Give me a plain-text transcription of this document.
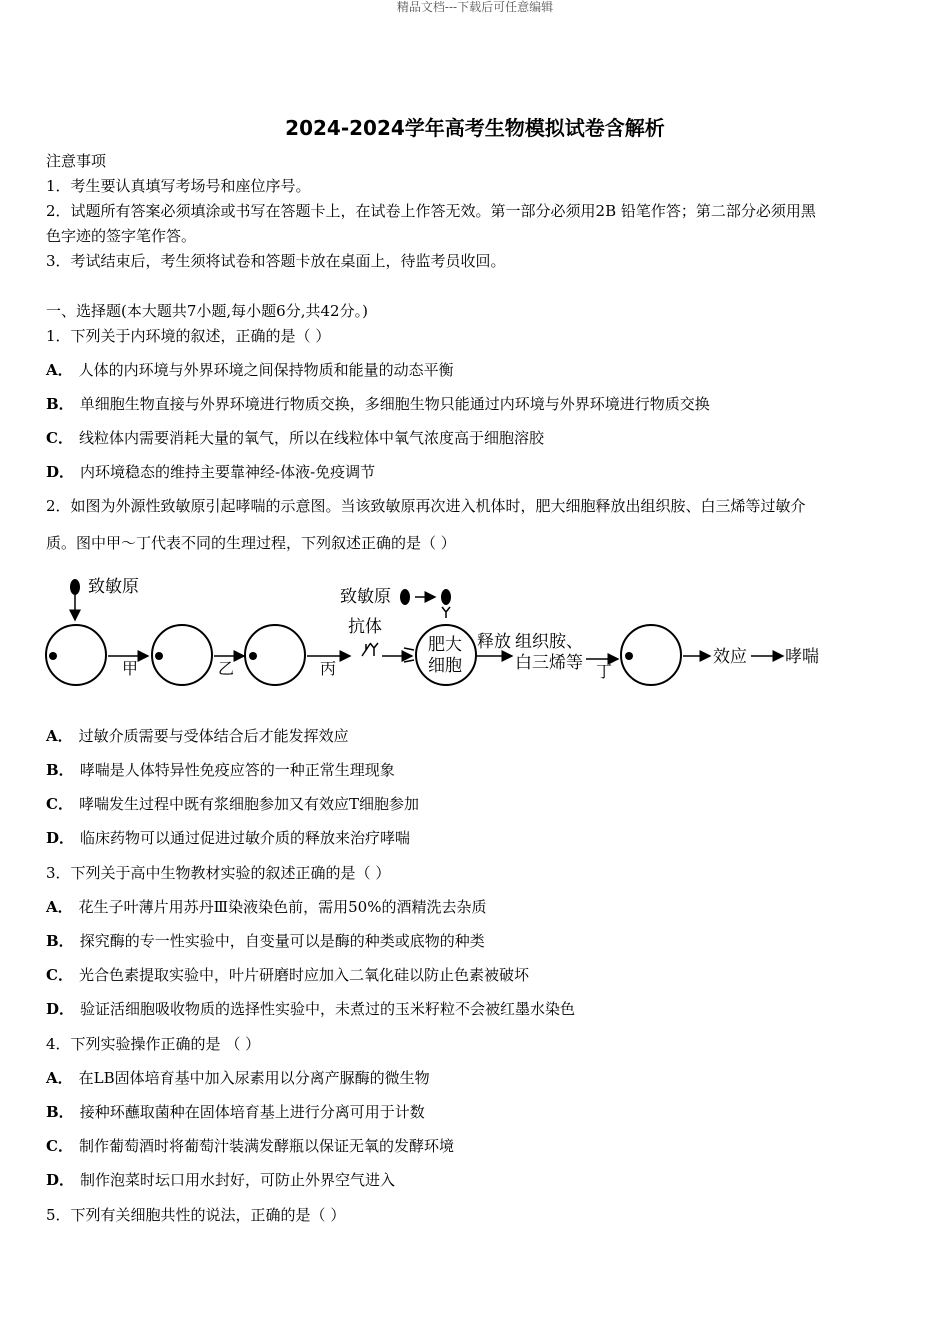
精品文档---下载后可任意编辑
2024-2024学年高考生物模拟试卷含解析
注意事项
1．考生要认真填写考场号和座位序号。
2．试题所有答案必须填涂或书写在答题卡上，在试卷上作答无效。第一部分必须用2B 铅笔作答；第二部分必须用黑
色字迹的签字笔作答。
3．考试结束后，考生须将试卷和答题卡放在桌面上，待监考员收回。
一、选择题(本大题共7小题,每小题6分,共42分。)
1．下列关于内环境的叙述，正确的是（ ）
A． 人体的内环境与外界环境之间保持物质和能量的动态平衡
B． 单细胞生物直接与外界环境进行物质交换，多细胞生物只能通过内环境与外界环境进行物质交换
C． 线粒体内需要消耗大量的氧气，所以在线粒体中氧气浓度高于细胞溶胶
D． 内环境稳态的维持主要靠神经-体液-免疫调节
2．如图为外源性致敏原引起哮喘的示意图。当该致敏原再次进入机体时，肥大细胞释放出组织胺、白三烯等过敏介
质。图中甲～丁代表不同的生理过程，下列叙述正确的是（ ）
致敏原
甲	乙	丙
抗体
致敏原
肥大
细胞
释放 组织胺、
白三烯等 丁
效应 哮喘
A． 过敏介质需要与受体结合后才能发挥效应
B． 哮喘是人体特异性免疫应答的一种正常生理现象
C． 哮喘发生过程中既有浆细胞参加又有效应T细胞参加
D． 临床药物可以通过促进过敏介质的释放来治疗哮喘
3．下列关于高中生物教材实验的叙述正确的是（ ）
A． 花生子叶薄片用苏丹Ⅲ染液染色前，需用50%的酒精洗去杂质
B． 探究酶的专一性实验中，自变量可以是酶的种类或底物的种类
C． 光合色素提取实验中，叶片研磨时应加入二氧化硅以防止色素被破坏
D． 验证活细胞吸收物质的选择性实验中，未煮过的玉米籽粒不会被红墨水染色
4．下列实验操作正确的是 （ ）
A． 在LB固体培育基中加入尿素用以分离产脲酶的微生物
B． 接种环蘸取菌种在固体培育基上进行分离可用于计数
C． 制作葡萄酒时将葡萄汁装满发酵瓶以保证无氧的发酵环境
D． 制作泡菜时坛口用水封好，可防止外界空气进入
5．下列有关细胞共性的说法，正确的是（ ）
